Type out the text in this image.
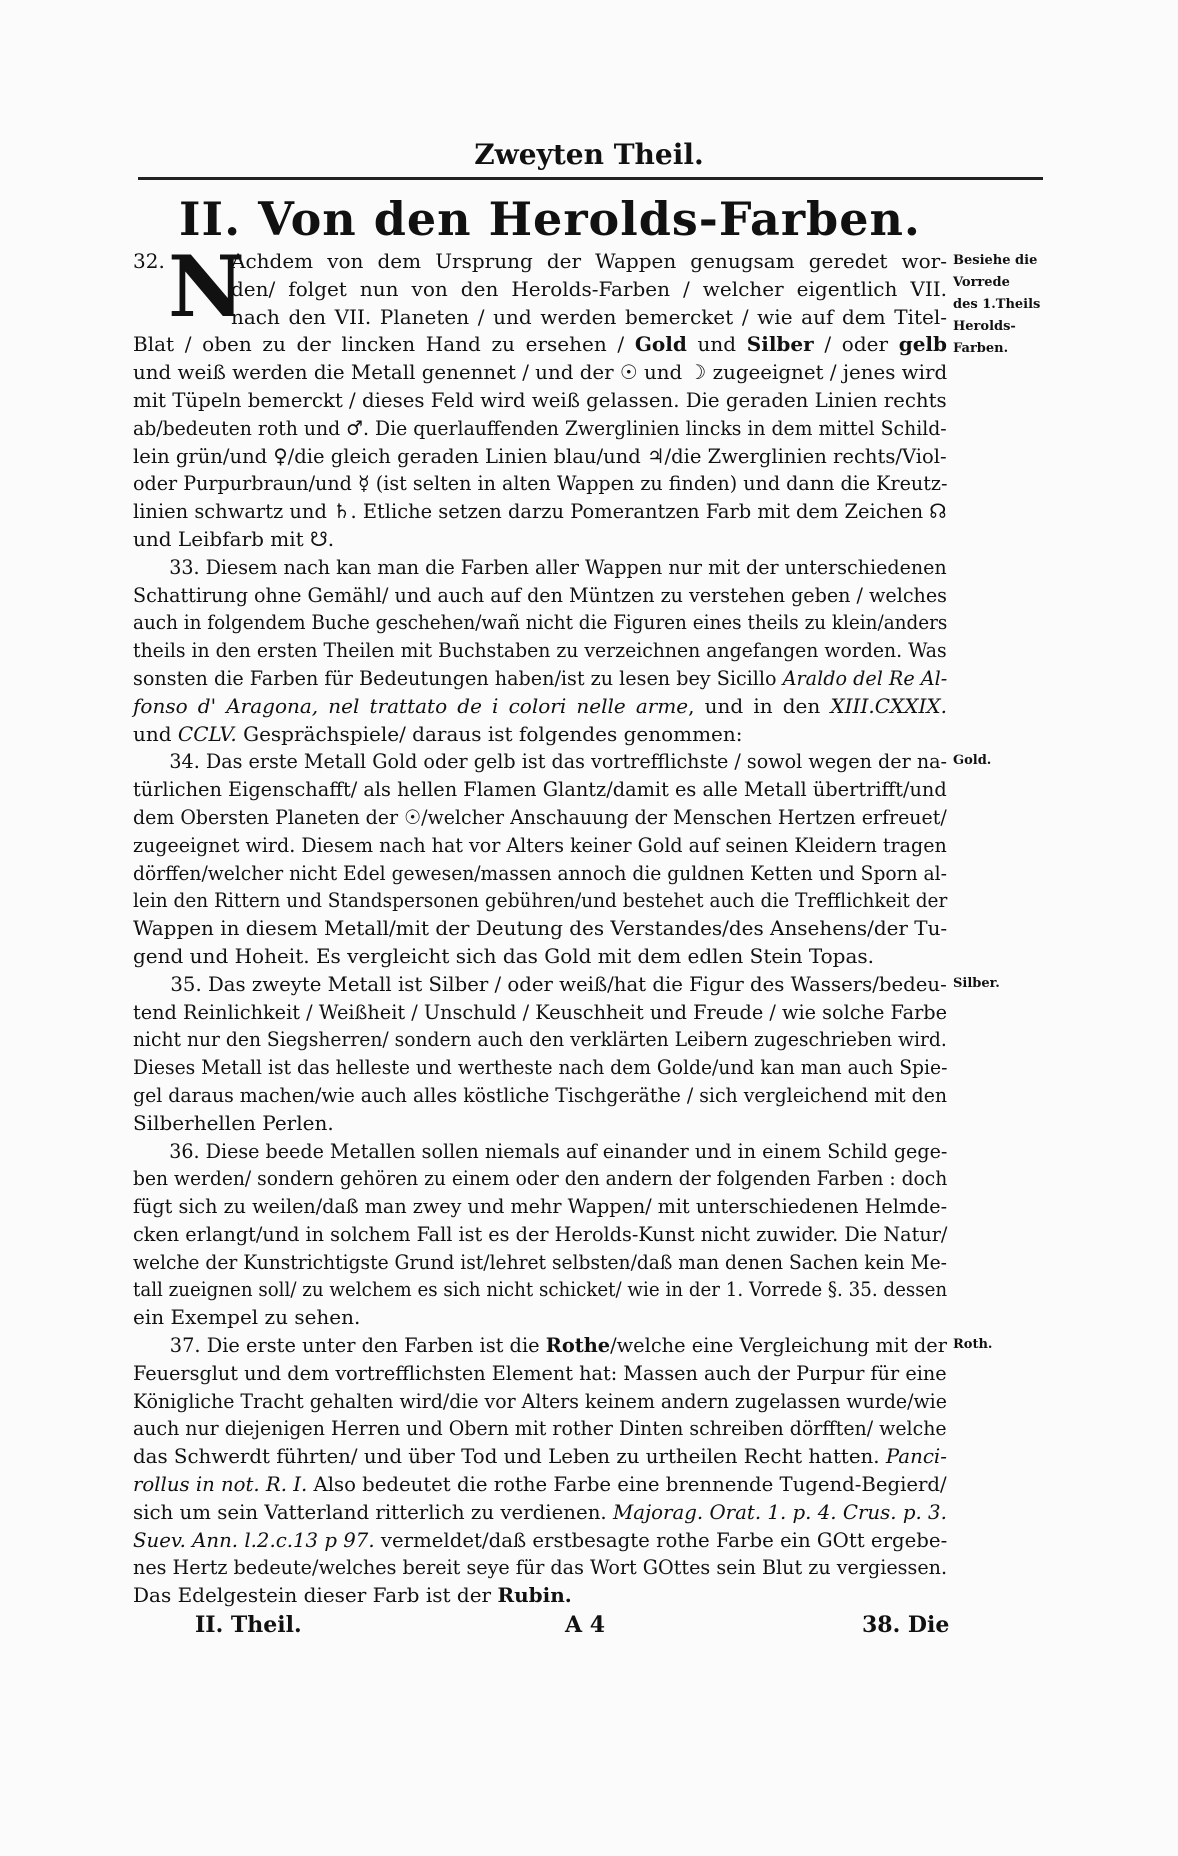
Zweyten Theil.
II. Von den Herolds-Farben.
32. N
Achdem von dem Ursprung der Wappen genugsam geredet wor-
den/ folget nun von den Herolds-Farben / welcher eigentlich VII.
nach den VII. Planeten / und werden bemercket / wie auf dem Titel-
Blat / oben zu der lincken Hand zu ersehen / Gold und Silber / oder gelb
und weiß werden die Metall genennet / und der ☉ und ☽ zugeeignet / jenes wird
mit Tüpeln bemerckt / dieses Feld wird weiß gelassen. Die geraden Linien rechts
ab/bedeuten roth und ♂. Die querlauffenden Zwerglinien lincks in dem mittel Schild-
lein grün/und ♀/die gleich geraden Linien blau/und ♃/die Zwerglinien rechts/Viol-
oder Purpurbraun/und ☿ (ist selten in alten Wappen zu finden) und dann die Kreutz-
linien schwartz und ♄. Etliche setzen darzu Pomerantzen Farb mit dem Zeichen ☊
und Leibfarb mit ☋.
33. Diesem nach kan man die Farben aller Wappen nur mit der unterschiedenen
Schattirung ohne Gemähl/ und auch auf den Müntzen zu verstehen geben / welches
auch in folgendem Buche geschehen/wañ nicht die Figuren eines theils zu klein/anders
theils in den ersten Theilen mit Buchstaben zu verzeichnen angefangen worden. Was
sonsten die Farben für Bedeutungen haben/ist zu lesen bey Sicillo Araldo del Re Al-
fonso d' Aragona, nel trattato de i colori nelle arme, und in den XIII.CXXIX.
und CCLV. Gesprächspiele/ daraus ist folgendes genommen:
34. Das erste Metall Gold oder gelb ist das vortrefflichste / sowol wegen der na-
türlichen Eigenschafft/ als hellen Flamen Glantz/damit es alle Metall übertrifft/und
dem Obersten Planeten der ☉/welcher Anschauung der Menschen Hertzen erfreuet/
zugeeignet wird. Diesem nach hat vor Alters keiner Gold auf seinen Kleidern tragen
dörffen/welcher nicht Edel gewesen/massen annoch die guldnen Ketten und Sporn al-
lein den Rittern und Standspersonen gebühren/und bestehet auch die Trefflichkeit der
Wappen in diesem Metall/mit der Deutung des Verstandes/des Ansehens/der Tu-
gend und Hoheit. Es vergleicht sich das Gold mit dem edlen Stein Topas.
35. Das zweyte Metall ist Silber / oder weiß/hat die Figur des Wassers/bedeu-
tend Reinlichkeit / Weißheit / Unschuld / Keuschheit und Freude / wie solche Farbe
nicht nur den Siegsherren/ sondern auch den verklärten Leibern zugeschrieben wird.
Dieses Metall ist das helleste und wertheste nach dem Golde/und kan man auch Spie-
gel daraus machen/wie auch alles köstliche Tischgeräthe / sich vergleichend mit den
Silberhellen Perlen.
36. Diese beede Metallen sollen niemals auf einander und in einem Schild gege-
ben werden/ sondern gehören zu einem oder den andern der folgenden Farben : doch
fügt sich zu weilen/daß man zwey und mehr Wappen/ mit unterschiedenen Helmde-
cken erlangt/und in solchem Fall ist es der Herolds-Kunst nicht zuwider. Die Natur/
welche der Kunstrichtigste Grund ist/lehret selbsten/daß man denen Sachen kein Me-
tall zueignen soll/ zu welchem es sich nicht schicket/ wie in der 1. Vorrede §. 35. dessen
ein Exempel zu sehen.
37. Die erste unter den Farben ist die Rothe/welche eine Vergleichung mit der
Feuersglut und dem vortrefflichsten Element hat: Massen auch der Purpur für eine
Königliche Tracht gehalten wird/die vor Alters keinem andern zugelassen wurde/wie
auch nur diejenigen Herren und Obern mit rother Dinten schreiben dörfften/ welche
das Schwerdt führten/ und über Tod und Leben zu urtheilen Recht hatten. Panci-
rollus in not. R. I. Also bedeutet die rothe Farbe eine brennende Tugend-Begierd/
sich um sein Vatterland ritterlich zu verdienen. Majorag. Orat. 1. p. 4. Crus. p. 3.
Suev. Ann. l.2.c.13 p 97. vermeldet/daß erstbesagte rothe Farbe ein GOtt ergebe-
nes Hertz bedeute/welches bereit seye für das Wort GOttes sein Blut zu vergiessen.
Das Edelgestein dieser Farb ist der Rubin.
Besiehe die
Vorrede
des 1.Theils
Herolds-
Farben.
Gold.
Silber.
Roth.
II. Theil.	A 4	38. Die
